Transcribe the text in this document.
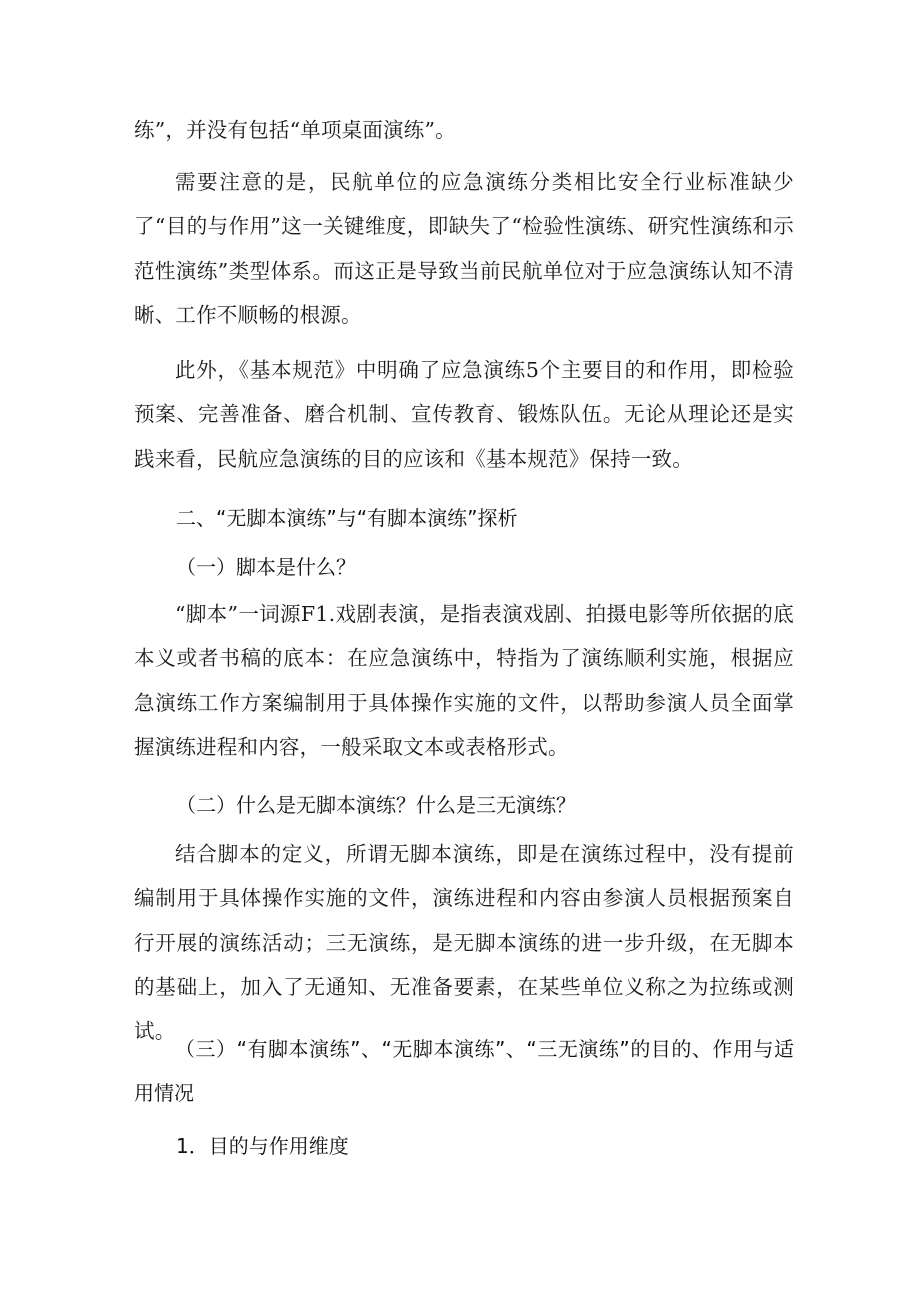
练”，并没有包括“单项桌面演练”。

需要注意的是，民航单位的应急演练分类相比安全行业标准缺少了“目的与作用”这一关键维度，即缺失了“检验性演练、研究性演练和示范性演练”类型体系。而这正是导致当前民航单位对于应急演练认知不清晰、工作不顺畅的根源。

此外，《基本规范》中明确了应急演练5个主要目的和作用，即检验预案、完善准备、磨合机制、宣传教育、锻炼队伍。无论从理论还是实践来看，民航应急演练的目的应该和《基本规范》保持一致。

二、“无脚本演练”与“有脚本演练”探析
（一）脚本是什么？

“脚本”一词源F1.戏剧表演，是指表演戏剧、拍摄电影等所依据的底本义或者书稿的底本：在应急演练中，特指为了演练顺利实施，根据应急演练工作方案编制用于具体操作实施的文件，以帮助参演人员全面掌握演练进程和内容，一般采取文本或表格形式。

（二）什么是无脚本演练？什么是三无演练？

结合脚本的定义，所谓无脚本演练，即是在演练过程中，没有提前编制用于具体操作实施的文件，演练进程和内容由参演人员根据预案自行开展的演练活动；三无演练，是无脚本演练的进一步升级，在无脚本的基础上，加入了无通知、无准备要素，在某些单位义称之为拉练或测试。

（三）“有脚本演练”、“无脚本演练”、“三无演练”的目的、作用与适用情况
1．目的与作用维度
